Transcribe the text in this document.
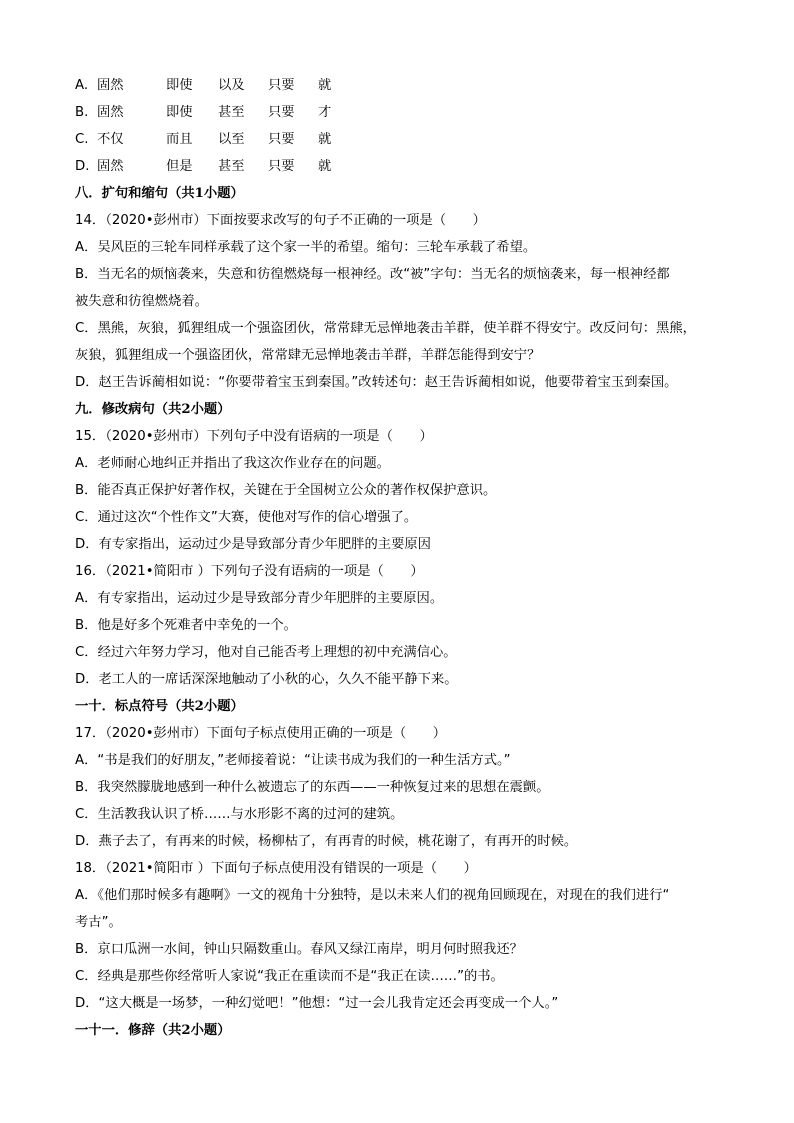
A. 固然	即使 以及 只要 就
B. 固然	即使 甚至 只要 才
C. 不仅	而且 以至 只要 就
D. 固然	但是 甚至 只要 就
八．扩句和缩句（共1小题）
14．（2020•彭州市）下面按要求改写的句子不正确的一项是（　　）
A．吴风臣的三轮车同样承载了这个家一半的希望。缩句：三轮车承载了希望。
B．当无名的烦恼袭来，失意和彷徨燃烧每一根神经。改“被”字句：当无名的烦恼袭来，每一根神经都
被失意和彷徨燃烧着。
C．黑熊，灰狼，狐狸组成一个强盗团伙，常常肆无忌惮地袭击羊群，使羊群不得安宁。改反问句：黑熊，
灰狼，狐狸组成一个强盗团伙，常常肆无忌惮地袭击羊群，羊群怎能得到安宁？
D．赵王告诉蔺相如说：“你要带着宝玉到秦国。”改转述句：赵王告诉蔺相如说，他要带着宝玉到秦国。
九．修改病句（共2小题）
15．（2020•彭州市）下列句子中没有语病的一项是（　　）
A．老师耐心地纠正并指出了我这次作业存在的问题。
B．能否真正保护好著作权，关键在于全国树立公众的著作权保护意识。
C．通过这次“个性作文”大赛，使他对写作的信心增强了。
D．有专家指出，运动过少是导致部分青少年肥胖的主要原因
16．（2021•简阳市 ）下列句子没有语病的一项是（　　）
A．有专家指出，运动过少是导致部分青少年肥胖的主要原因。
B．他是好多个死难者中幸免的一个。
C．经过六年努力学习，他对自己能否考上理想的初中充满信心。
D．老工人的一席话深深地触动了小秋的心，久久不能平静下来。
一十．标点符号（共2小题）
17．（2020•彭州市）下面句子标点使用正确的一项是（　　）
A．“书是我们的好朋友，”老师接着说：“让读书成为我们的一种生活方式。”
B．我突然朦胧地感到一种什么被遗忘了的东西——一种恢复过来的思想在震颤。
C．生活教我认识了桥……与水形影不离的过河的建筑。
D．燕子去了，有再来的时候，杨柳枯了，有再青的时候，桃花谢了，有再开的时候。
18．（2021•简阳市 ）下面句子标点使用没有错误的一项是（　　）
A．《他们那时候多有趣啊》一文的视角十分独特，是以未来人们的视角回顾现在，对现在的我们进行“
考古”。
B．京口瓜洲一水间，钟山只隔数重山。春风又绿江南岸，明月何时照我还？
C．经典是那些你经常听人家说“我正在重读而不是“我正在读……”的书。
D．“这大概是一场梦，一种幻觉吧！”他想：“过一会儿我肯定还会再变成一个人。”
一十一．修辞（共2小题）
